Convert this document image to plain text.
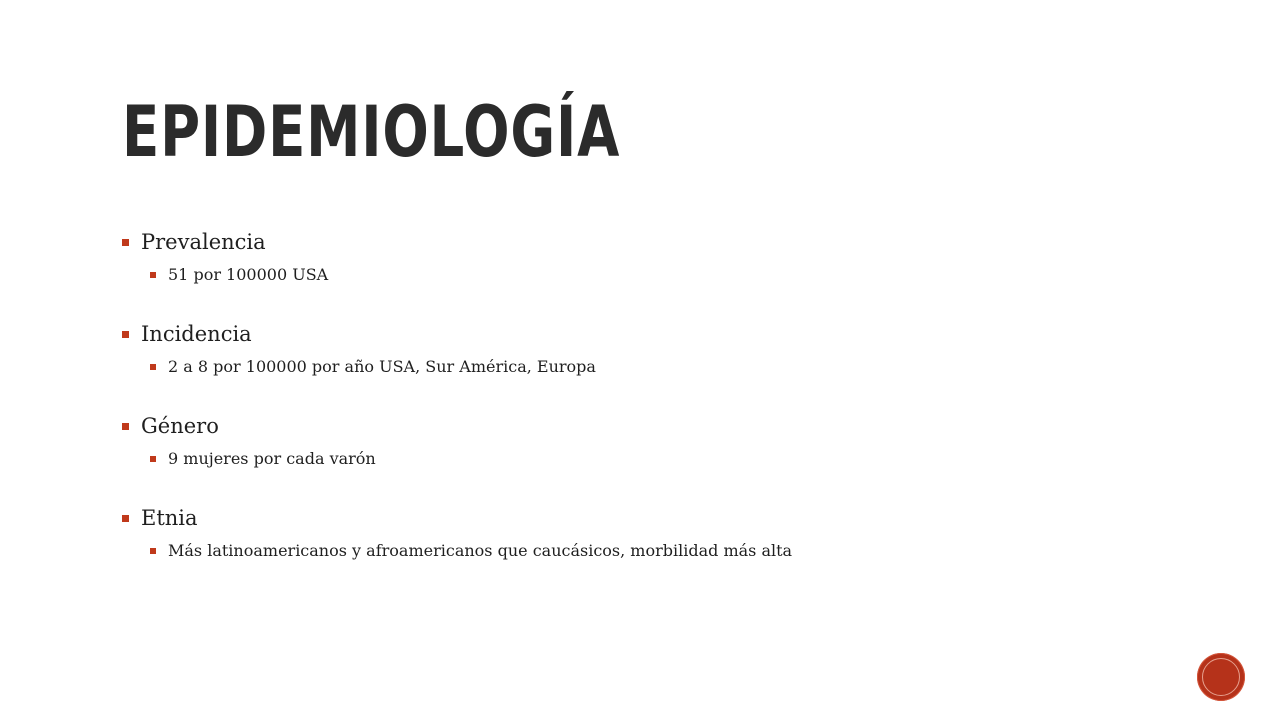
EPIDEMIOLOGÍA
Prevalencia
51 por 100000 USA
Incidencia
2 a 8 por 100000 por año USA, Sur América, Europa
Género
9 mujeres por cada varón
Etnia
Más latinoamericanos y afroamericanos que caucásicos, morbilidad más alta
